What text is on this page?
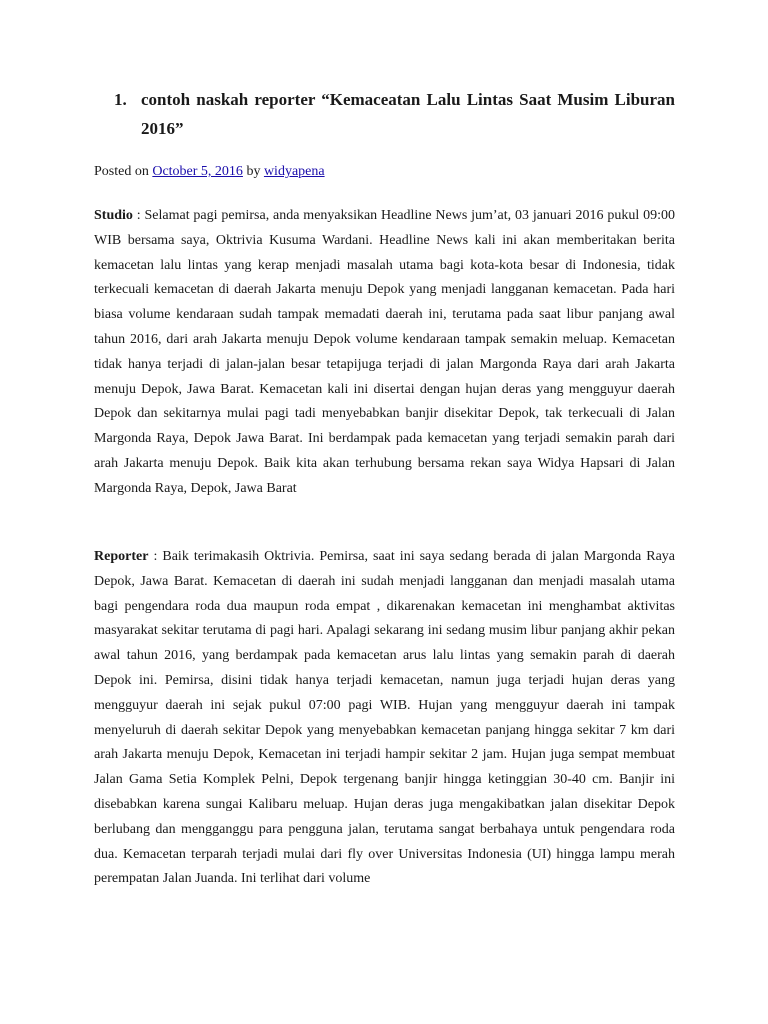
1. contoh naskah reporter “Kemaceatan Lalu Lintas Saat Musim Liburan 2016”

Posted on October 5, 2016 by widyapena

Studio : Selamat pagi pemirsa, anda menyaksikan Headline News jum’at, 03 januari 2016 pukul 09:00 WIB bersama saya, Oktrivia Kusuma Wardani. Headline News kali ini akan memberitakan berita kemacetan lalu lintas yang kerap menjadi masalah utama bagi kota-kota besar di Indonesia, tidak terkecuali kemacetan di daerah Jakarta menuju Depok yang menjadi langganan kemacetan. Pada hari biasa volume kendaraan sudah tampak memadati daerah ini, terutama pada saat libur panjang awal tahun 2016, dari arah Jakarta menuju Depok volume kendaraan tampak semakin meluap. Kemacetan tidak hanya terjadi di jalan-jalan besar tetapijuga terjadi di jalan Margonda Raya dari arah Jakarta menuju Depok, Jawa Barat. Kemacetan kali ini disertai dengan hujan deras yang mengguyur daerah Depok dan sekitarnya mulai pagi tadi menyebabkan banjir disekitar Depok, tak terkecuali di Jalan Margonda Raya, Depok Jawa Barat. Ini berdampak pada kemacetan yang terjadi semakin parah dari arah Jakarta menuju Depok. Baik kita akan terhubung bersama rekan saya Widya Hapsari di Jalan Margonda Raya, Depok, Jawa Barat

Reporter : Baik terimakasih Oktrivia. Pemirsa, saat ini saya sedang berada di jalan Margonda Raya Depok, Jawa Barat. Kemacetan di daerah ini sudah menjadi langganan dan menjadi masalah utama bagi pengendara roda dua maupun roda empat , dikarenakan kemacetan ini menghambat aktivitas masyarakat sekitar terutama di pagi hari. Apalagi sekarang ini sedang musim libur panjang akhir pekan awal tahun 2016, yang berdampak pada kemacetan arus lalu lintas yang semakin parah di daerah Depok ini. Pemirsa, disini tidak hanya terjadi kemacetan, namun juga terjadi hujan deras yang mengguyur daerah ini sejak pukul 07:00 pagi WIB. Hujan yang mengguyur daerah ini tampak menyeluruh di daerah sekitar Depok yang menyebabkan kemacetan panjang hingga sekitar 7 km dari arah Jakarta menuju Depok, Kemacetan ini terjadi hampir sekitar 2 jam. Hujan juga sempat membuat Jalan Gama Setia Komplek Pelni, Depok tergenang banjir hingga ketinggian 30-40 cm. Banjir ini disebabkan karena sungai Kalibaru meluap. Hujan deras juga mengakibatkan jalan disekitar Depok berlubang dan mengganggu para pengguna jalan, terutama sangat berbahaya untuk pengendara roda dua. Kemacetan terparah terjadi mulai dari fly over Universitas Indonesia (UI) hingga lampu merah perempatan Jalan Juanda. Ini terlihat dari volume
